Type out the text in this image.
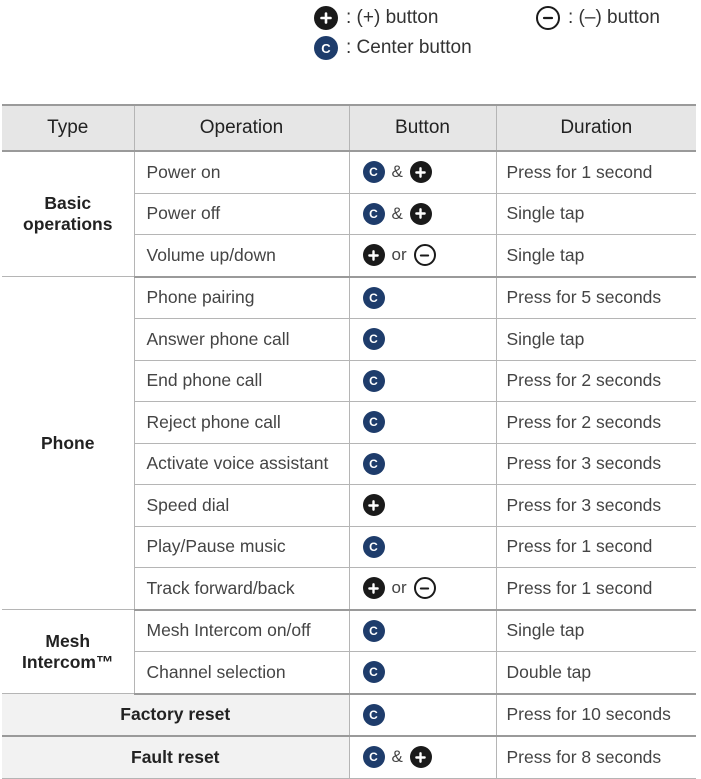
: (+) button	: (–) button
C : Center button
Type	Operation	Button	Duration
Basic operations	Power on	C &	Press for 1 second
	Power off	C &	Single tap
	Volume up/down	or	Single tap
Phone	Phone pairing	C	Press for 5 seconds
	Answer phone call	C	Single tap
	End phone call	C	Press for 2 seconds
	Reject phone call	C	Press for 2 seconds
	Activate voice assistant	C	Press for 3 seconds
	Speed dial		Press for 3 seconds
	Play/Pause music	C	Press for 1 second
	Track forward/back	or	Press for 1 second
Mesh Intercom™	Mesh Intercom on/off	C	Single tap
	Channel selection	C	Double tap
Factory reset		C	Press for 10 seconds
Fault reset		C &	Press for 8 seconds
